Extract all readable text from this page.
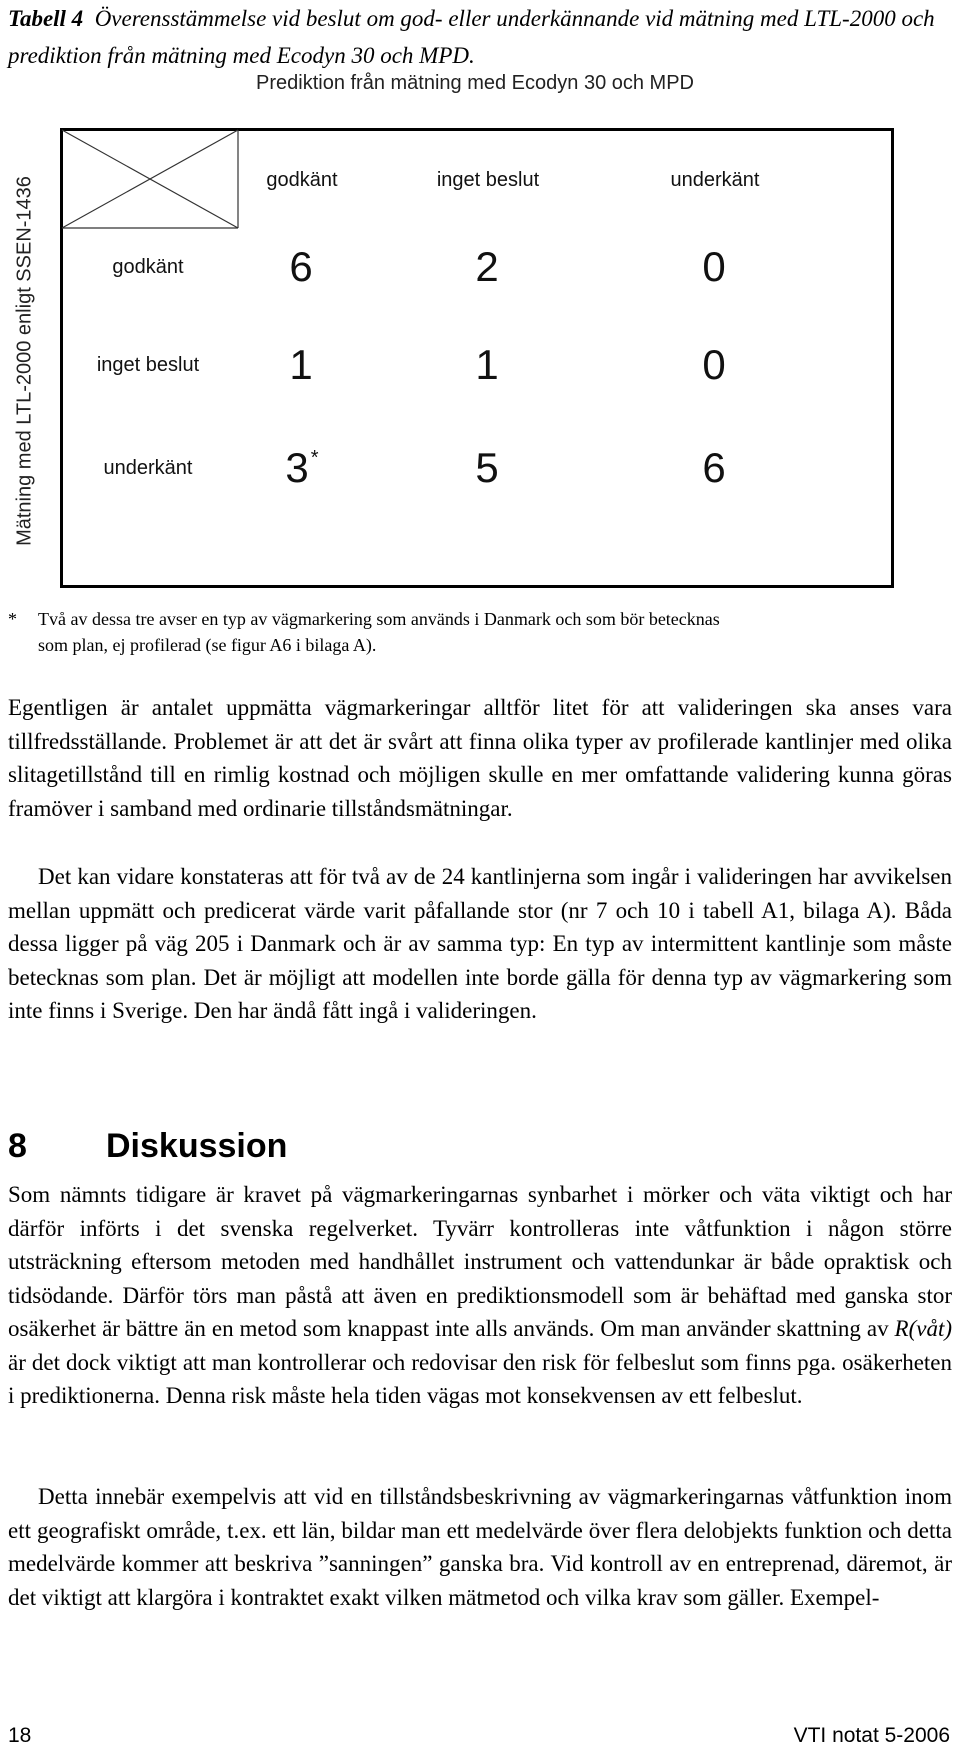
Tabell 4 Överensstämmelse vid beslut om god- eller underkännande vid mätning med LTL-2000 och prediktion från mätning med Ecodyn 30 och MPD.
Prediktion från mätning med Ecodyn 30 och MPD
Mätning med LTL-2000 enligt SSEN-1436	godkänt	inget beslut	underkänt
godkänt	6	2	0
inget beslut	1	1	0
underkänt	3*	5	6
* Två av dessa tre avser en typ av vägmarkering som används i Danmark och som bör betecknas
som plan, ej profilerad (se figur A6 i bilaga A).

Egentligen är antalet uppmätta vägmarkeringar alltför litet för att valideringen ska anses vara tillfredsställande. Problemet är att det är svårt att finna olika typer av profilerade kantlinjer med olika slitagetillstånd till en rimlig kostnad och möjligen skulle en mer omfattande validering kunna göras framöver i samband med ordinarie tillståndsmätningar.

Det kan vidare konstateras att för två av de 24 kantlinjerna som ingår i valideringen har avvikelsen mellan uppmätt och predicerat värde varit påfallande stor (nr 7 och 10 i tabell A1, bilaga A). Båda dessa ligger på väg 205 i Danmark och är av samma typ: En typ av intermittent kantlinje som måste betecknas som plan. Det är möjligt att modellen inte borde gälla för denna typ av vägmarkering som inte finns i Sverige. Den har ändå fått ingå i valideringen.

8 Diskussion

Som nämnts tidigare är kravet på vägmarkeringarnas synbarhet i mörker och väta viktigt och har därför införts i det svenska regelverket. Tyvärr kontrolleras inte våtfunktion i någon större utsträckning eftersom metoden med handhållet instrument och vattendunkar är både opraktisk och tidsödande. Därför törs man påstå att även en prediktionsmodell som är behäftad med ganska stor osäkerhet är bättre än en metod som knappast inte alls används. Om man använder skattning av R(våt) är det dock viktigt att man kontrollerar och redovisar den risk för felbeslut som finns pga. osäkerheten i prediktionerna. Denna risk måste hela tiden vägas mot konsekvensen av ett felbeslut.

Detta innebär exempelvis att vid en tillståndsbeskrivning av vägmarkeringarnas våtfunktion inom ett geografiskt område, t.ex. ett län, bildar man ett medelvärde över flera delobjekts funktion och detta medelvärde kommer att beskriva ”sanningen” ganska bra. Vid kontroll av en entreprenad, däremot, är det viktigt att klargöra i kontraktet exakt vilken mätmetod och vilka krav som gäller. Exempel-

18	VTI notat 5-2006
